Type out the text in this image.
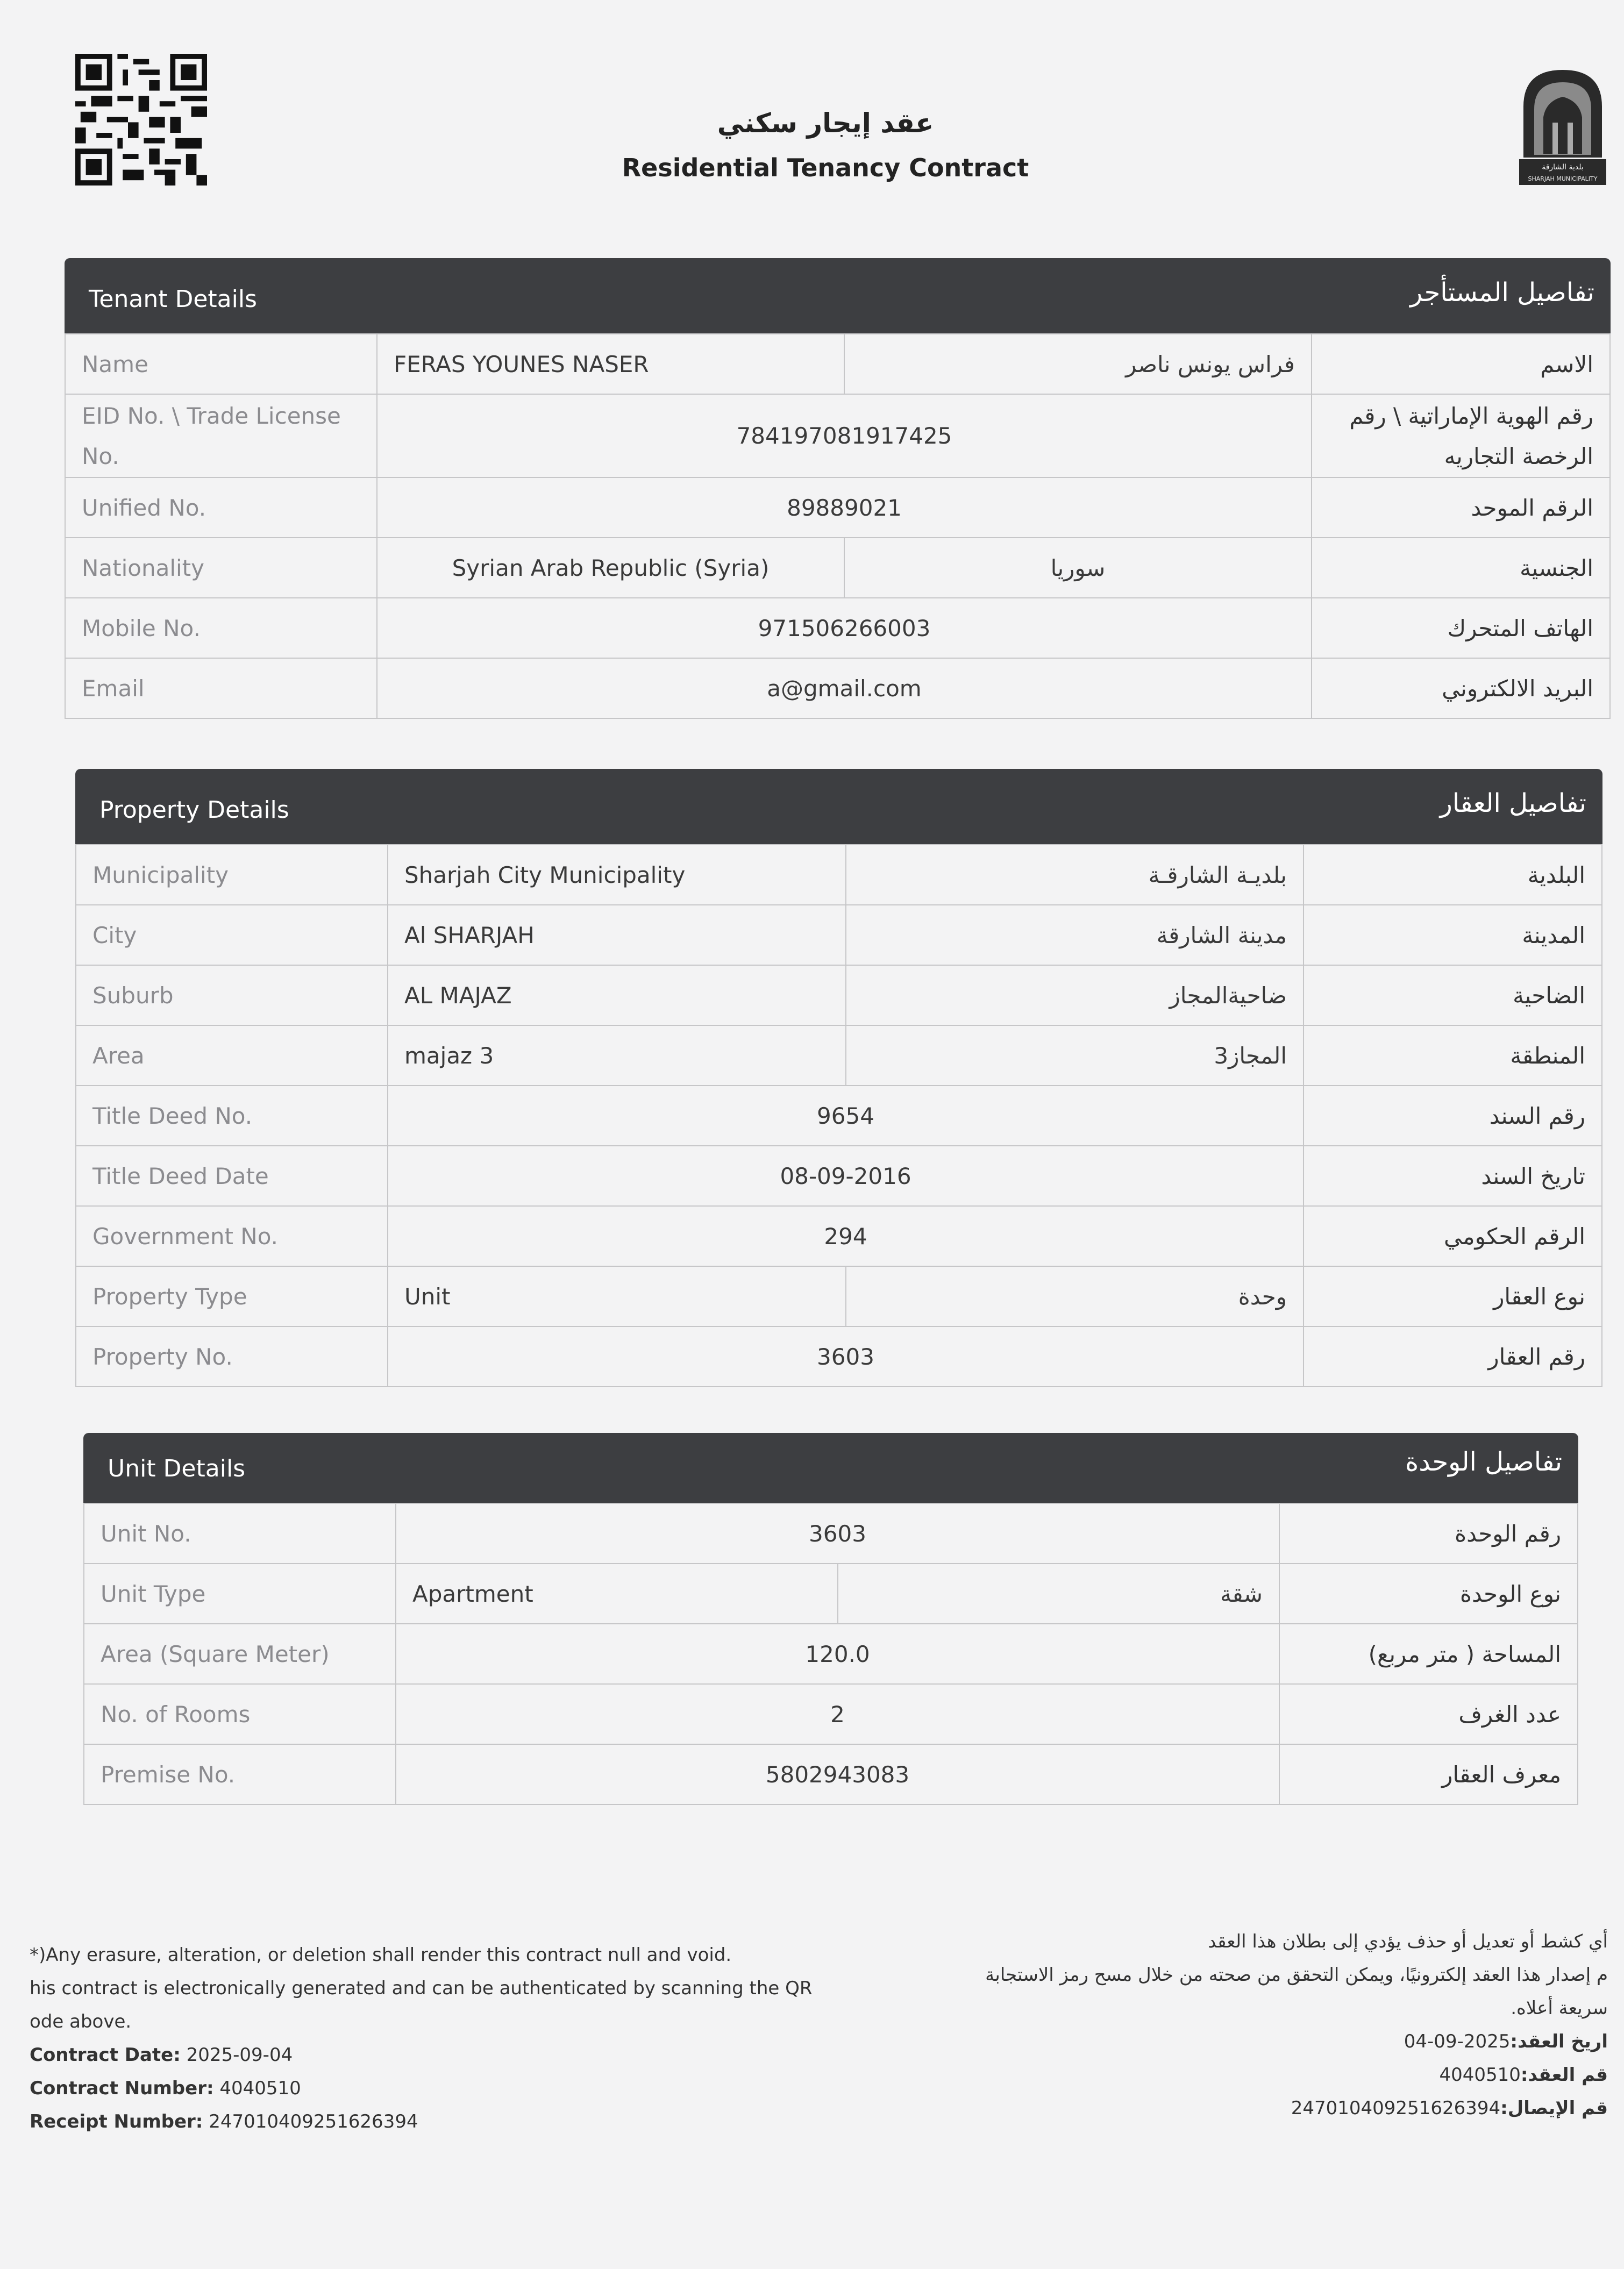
بلدية الشارقة
SHARJAH MUNICIPALITY
عقد إيجار سكني
Residential Tenancy Contract
Tenant Details	تفاصيل المستأجر
Name	FERAS YOUNES NASER	فراس يونس ناصر	الاسم
EID No. \ Trade License No.	784197081917425		رقم الهوية الإماراتية \ رقم الرخصة التجاريه
Unified No.	89889021		الرقم الموحد
Nationality	Syrian Arab Republic (Syria)	سوريا	الجنسية
Mobile No.	971506266003		الهاتف المتحرك
Email	a@gmail.com		البريد الالكتروني
Property Details	تفاصيل العقار
Municipality	Sharjah City Municipality	بلديـة الشارقـة	البلدية
City	Al SHARJAH	مدينة الشارقة	المدينة
Suburb	AL MAJAZ	ضاحيةالمجاز	الضاحية
Area	majaz 3	المجاز3	المنطقة
Title Deed No.	9654		رقم السند
Title Deed Date	08-09-2016		تاريخ السند
Government No.	294		الرقم الحكومي
Property Type	Unit	وحدة	نوع العقار
Property No.	3603		رقم العقار
Unit Details	تفاصيل الوحدة
Unit No.	3603		رقم الوحدة
Unit Type	Apartment	شقة	نوع الوحدة
Area (Square Meter)	120.0		المساحة ( متر مربع)
No. of Rooms	2		عدد الغرف
Premise No.	5802943083		معرف العقار
*)Any erasure, alteration, or deletion shall render this contract null and void.
his contract is electronically generated and can be authenticated by scanning the QR
ode above.
Contract Date: 2025-09-04
Contract Number: 4040510
Receipt Number: 247010409251626394
أي كشط أو تعديل أو حذف يؤدي إلى بطلان هذا العقد
م إصدار هذا العقد إلكترونيًا، ويمكن التحقق من صحته من خلال مسح رمز الاستجابة
سريعة أعلاه.
اريخ العقد:2025-09-04
قم العقد:4040510
قم الإيصال:247010409251626394
